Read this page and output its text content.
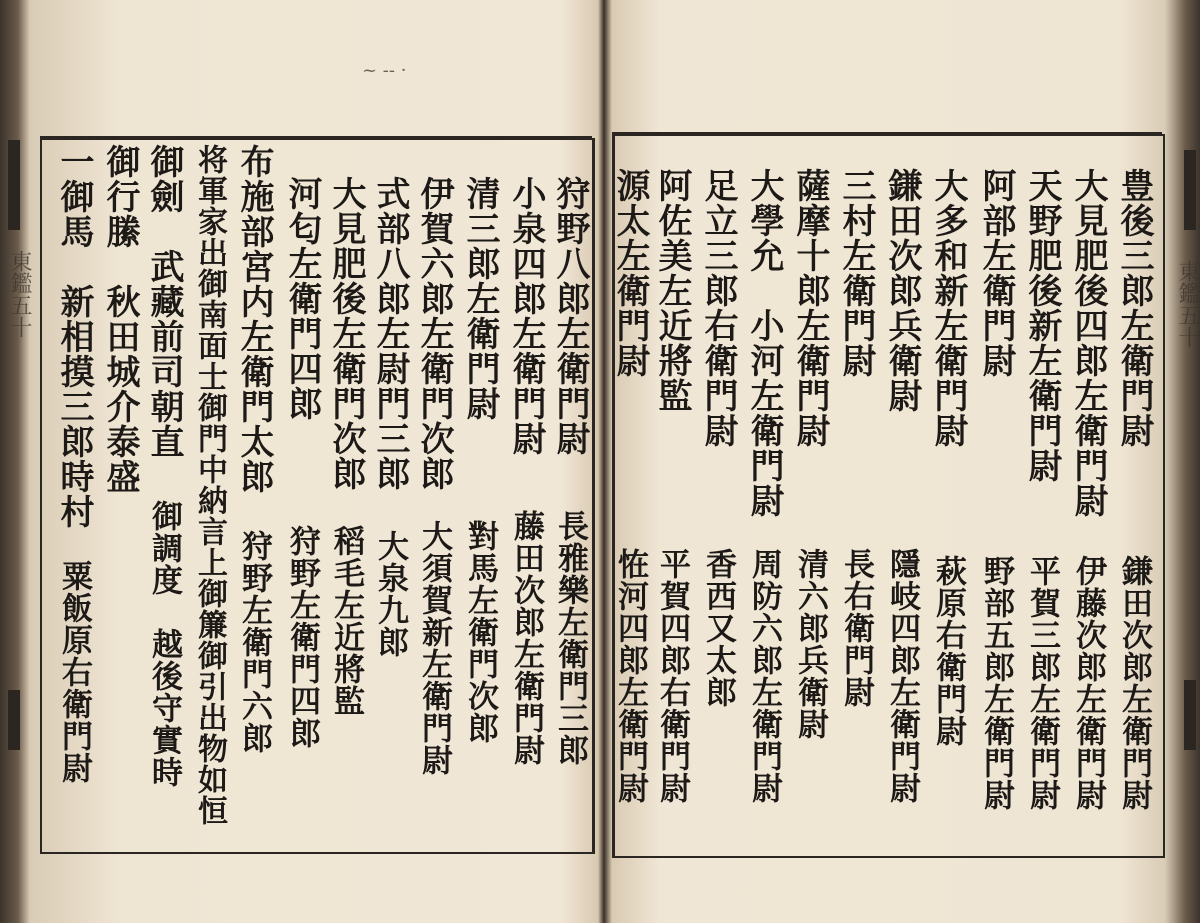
~ -- ·
狩野八郎左衛門尉
小泉四郎左衛門尉
清三郎左衛門尉
伊賀六郎左衛門次郎
式部八郎左尉門三郎
大見肥後左衛門次郎
河匂左衛門四郎
布施部宮内左衛門太郎
将軍家出御南面士御門中納言上御簾御引出物如恒
御劍　武藏前司朝直
御行縢　秋田城介泰盛
一御馬　新相摸三郎時村
長雅樂左衛門三郎
藤田次郎左衛門尉
對馬左衛門次郎
大須賀新左衛門尉
大泉九郎
稻毛左近將監
狩野左衛門四郎
狩野左衛門六郎
御調度　越後守實時
粟飯原右衛門尉
東鑑五十	豊後三郎左衛門尉
大見肥後四郎左衛門尉
天野肥後新左衛門尉
阿部左衛門尉
大多和新左衛門尉
鎌田次郎兵衛尉
三村左衛門尉
薩摩十郎左衛門尉
大學允　小河左衛門尉
足立三郎右衛門尉
阿佐美左近將監
源太左衛門尉
鎌田次郎左衛門尉
伊藤次郎左衛門尉
平賀三郎左衛門尉
野部五郎左衛門尉
萩原右衛門尉
隱岐四郎左衛門尉
長右衛門尉
清六郎兵衛尉
周防六郎左衛門尉
香西又太郎
平賀四郎右衛門尉
恠河四郎左衛門尉
東鑑五十
